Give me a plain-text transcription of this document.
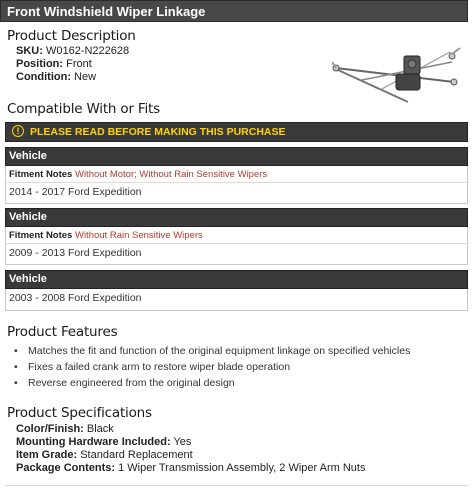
Front Windshield Wiper Linkage
Product Description
SKU: W0162-N222628
Position: Front
Condition: New
Compatible With or Fits
!	PLEASE READ BEFORE MAKING THIS PURCHASE
Vehicle
Fitment Notes Without Motor; Without Rain Sensitive Wipers
2014 - 2017 Ford Expedition
Vehicle
Fitment Notes Without Rain Sensitive Wipers
2009 - 2013 Ford Expedition
Vehicle
2003 - 2008 Ford Expedition
Product Features
• Matches the fit and function of the original equipment linkage on specified vehicles
• Fixes a failed crank arm to restore wiper blade operation
• Reverse engineered from the original design
Product Specifications
Color/Finish: Black
Mounting Hardware Included: Yes
Item Grade: Standard Replacement
Package Contents: 1 Wiper Transmission Assembly, 2 Wiper Arm Nuts
